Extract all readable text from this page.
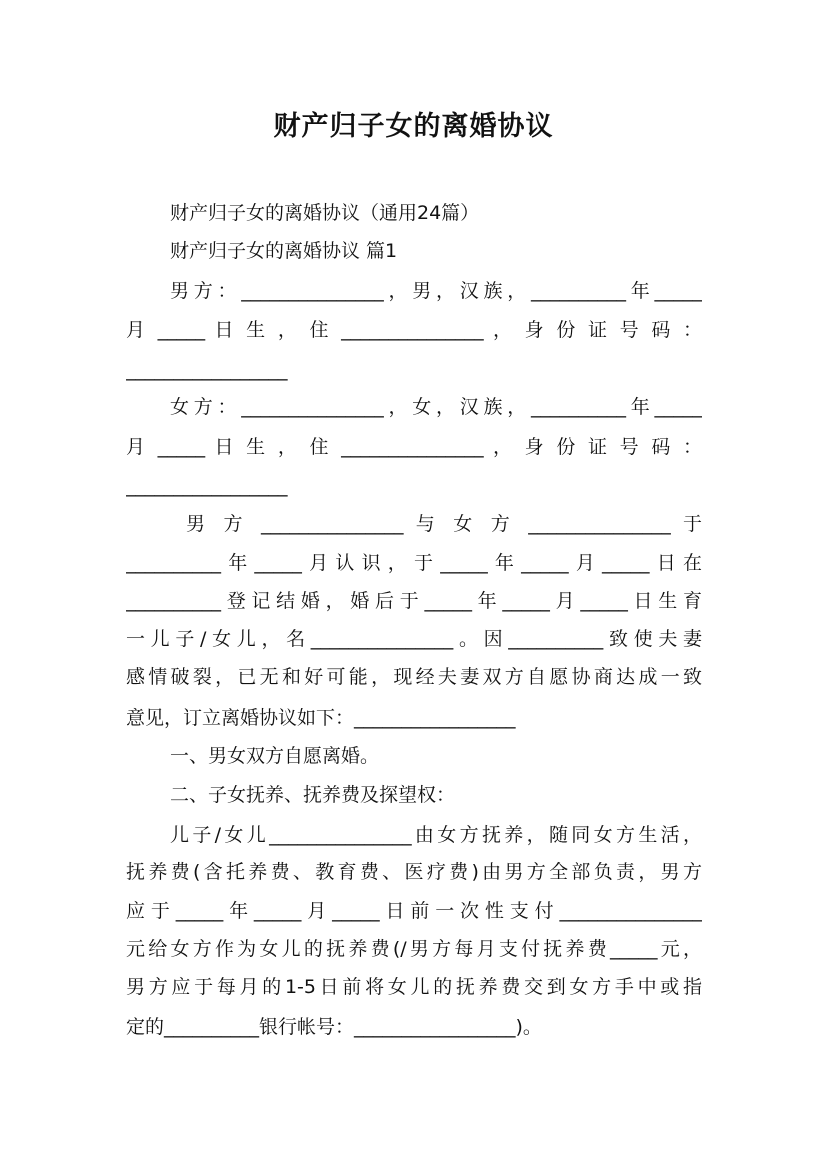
财产归子女的离婚协议
财产归子女的离婚协议（通用24篇）
财产归子女的离婚协议 篇1
男方：_______________，男，汉族，__________年_____
月 _____ 日 生 ， 住 _______________ ， 身 份 证 号 码 ：
_________________
女方：_______________，女，汉族，__________年_____
月 _____ 日 生 ， 住 _______________ ， 身 份 证 号 码 ：
_________________
男 方 _______________ 与 女 方 _______________ 于
__________年_____月认识，于_____年_____月_____日在
__________登记结婚，婚后于_____年_____月_____日生育
一儿子/女儿，名_______________。因__________致使夫妻
感情破裂，已无和好可能，现经夫妻双方自愿协商达成一致
意见，订立离婚协议如下：_________________
一、男女双方自愿离婚。
二、子女抚养、抚养费及探望权：
儿子/女儿_______________由女方抚养，随同女方生活，
抚养费(含托养费、教育费、医疗费)由男方全部负责，男方
应于_____年_____月_____日前一次性支付_______________
元给女方作为女儿的抚养费(/男方每月支付抚养费_____元，
男方应于每月的1-5日前将女儿的抚养费交到女方手中或指
定的__________银行帐号：_________________)。
